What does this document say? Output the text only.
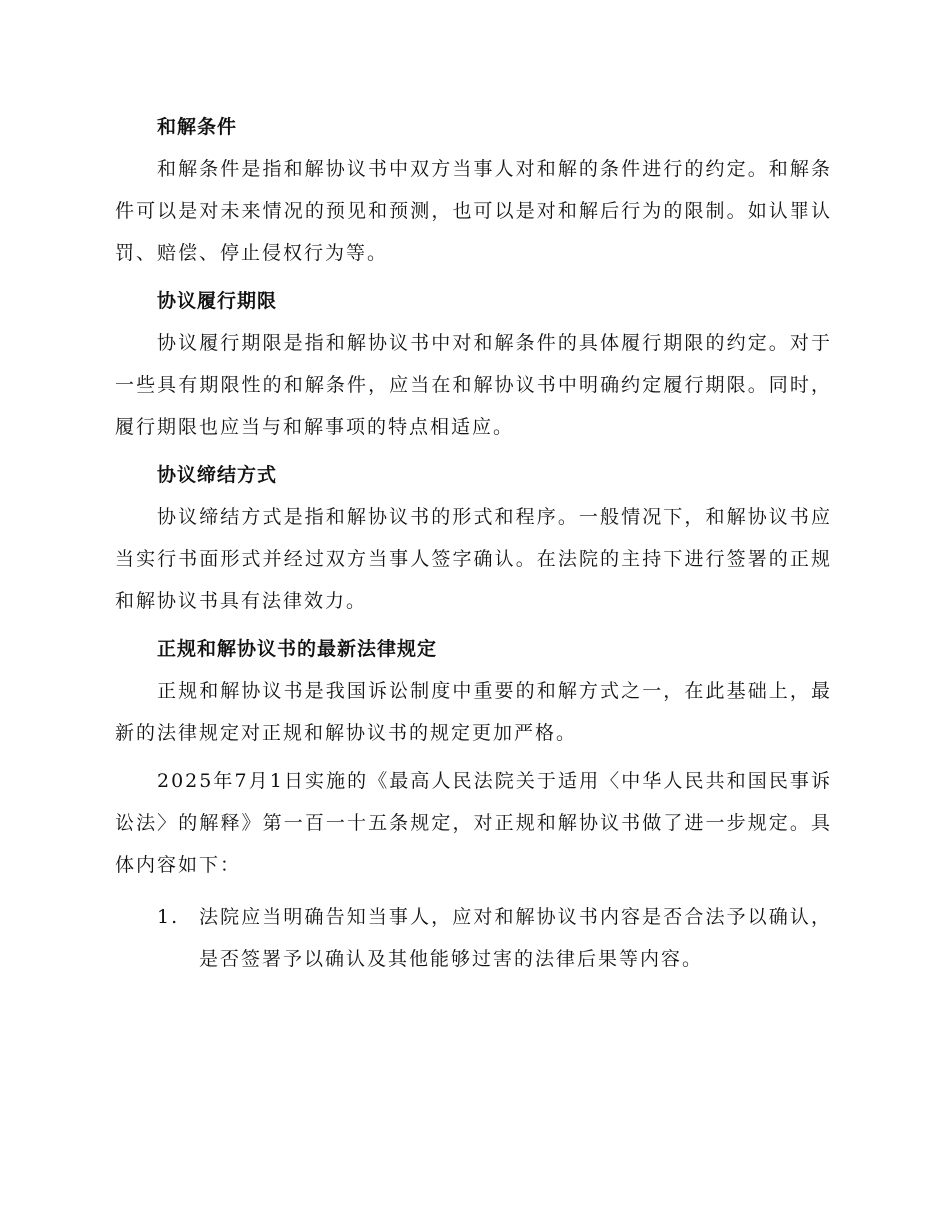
和解条件

和解条件是指和解协议书中双方当事人对和解的条件进行的约定。和解条件可以是对未来情况的预见和预测，也可以是对和解后行为的限制。如认罪认罚、赔偿、停止侵权行为等。

协议履行期限

协议履行期限是指和解协议书中对和解条件的具体履行期限的约定。对于一些具有期限性的和解条件，应当在和解协议书中明确约定履行期限。同时，履行期限也应当与和解事项的特点相适应。

协议缔结方式

协议缔结方式是指和解协议书的形式和程序。一般情况下，和解协议书应当实行书面形式并经过双方当事人签字确认。在法院的主持下进行签署的正规和解协议书具有法律效力。

正规和解协议书的最新法律规定

正规和解协议书是我国诉讼制度中重要的和解方式之一，在此基础上，最新的法律规定对正规和解协议书的规定更加严格。

2025年7月1日实施的《最高人民法院关于适用〈中华人民共和国民事诉讼法〉的解释》第一百一十五条规定，对正规和解协议书做了进一步规定。具体内容如下：

1.	法院应当明确告知当事人，应对和解协议书内容是否合法予以确认，是否签署予以确认及其他能够过害的法律后果等内容。
